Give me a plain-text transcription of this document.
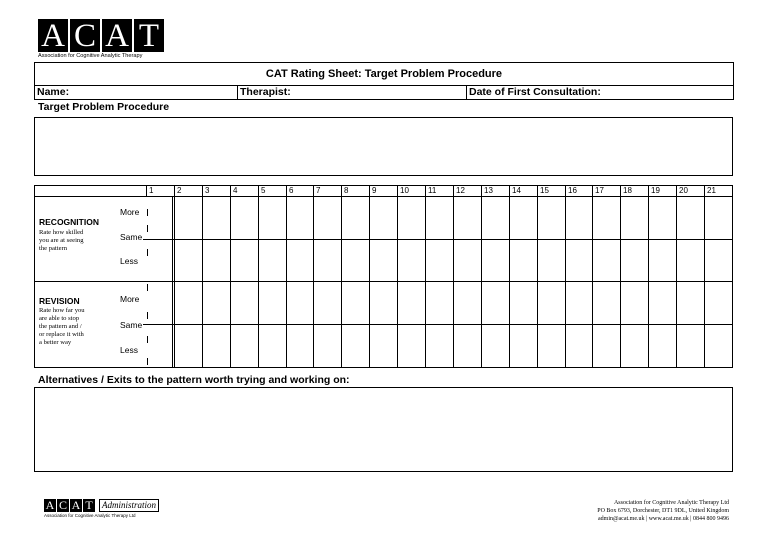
A C A T
Association for Cognitive Analytic Therapy
CAT Rating Sheet: Target Problem Procedure
Name:	Therapist:	Date of First Consultation:
Target Problem Procedure
RECOGNITION
Rate how skilled
you are at seeing
the pattern
More
Same
Less
REVISION
Rate how far you
are able to stop
the pattern and /
or replace it with
a better way
More
Same
Less
1	2	3	4	5	6	7	8	9	10	11	12	13	14	15	16	17	18	19	20	21
Alternatives / Exits to the pattern worth trying and working on:
A C A T	Administration
Association for Cognitive Analytic Therapy Ltd
Association for Cognitive Analytic Therapy Ltd
PO Box 6793, Dorchester, DT1 9DL, United Kingdom
admin@acat.me.uk | www.acat.me.uk | 0844 800 9496
